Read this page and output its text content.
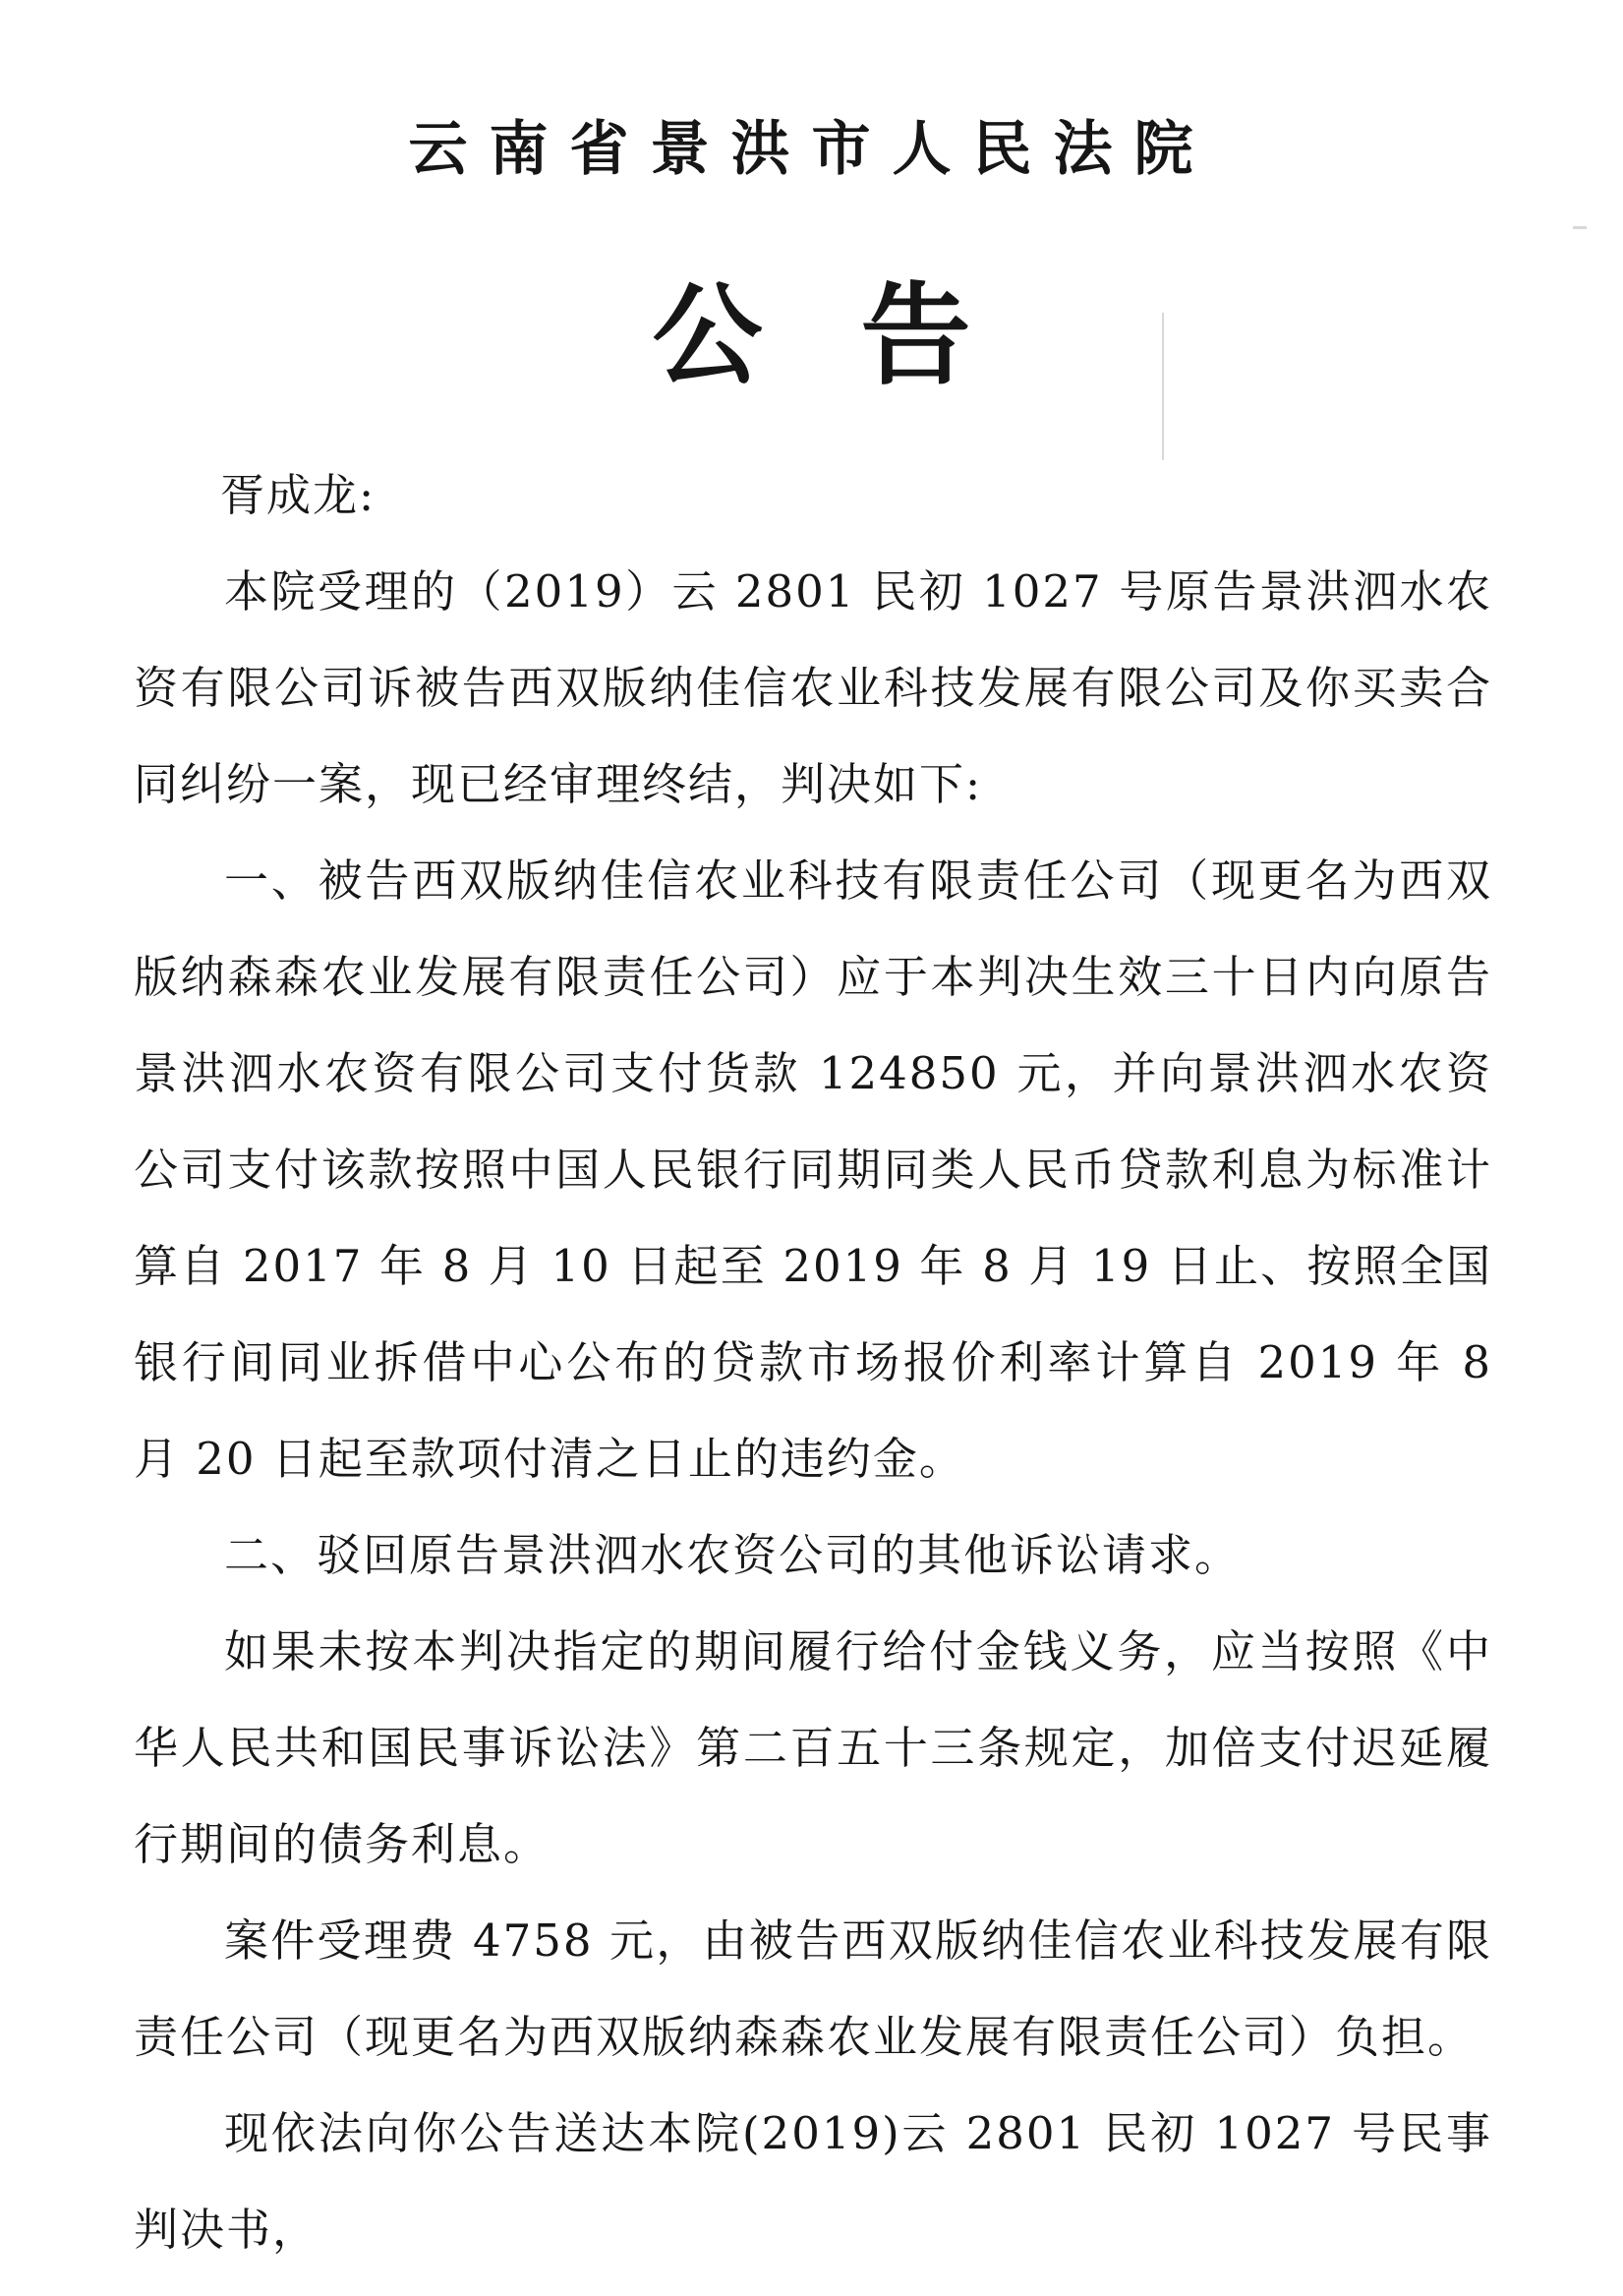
云南省景洪市人民法院
公告

胥成龙:

本院受理的（2019）云 2801 民初 1027 号原告景洪泗水农资有限公司诉被告西双版纳佳信农业科技发展有限公司及你买卖合同纠纷一案，现已经审理终结，判决如下:

一、被告西双版纳佳信农业科技有限责任公司（现更名为西双版纳森森农业发展有限责任公司）应于本判决生效三十日内向原告景洪泗水农资有限公司支付货款 124850 元，并向景洪泗水农资公司支付该款按照中国人民银行同期同类人民币贷款利息为标准计算自 2017 年 8 月 10 日起至 2019 年 8 月 19 日止、按照全国银行间同业拆借中心公布的贷款市场报价利率计算自 2019 年 8 月 20 日起至款项付清之日止的违约金。

二、驳回原告景洪泗水农资公司的其他诉讼请求。

如果未按本判决指定的期间履行给付金钱义务，应当按照《中华人民共和国民事诉讼法》第二百五十三条规定，加倍支付迟延履行期间的债务利息。

案件受理费 4758 元，由被告西双版纳佳信农业科技发展有限责任公司（现更名为西双版纳森森农业发展有限责任公司）负担。

现依法向你公告送达本院(2019)云 2801 民初 1027 号民事判决书，
